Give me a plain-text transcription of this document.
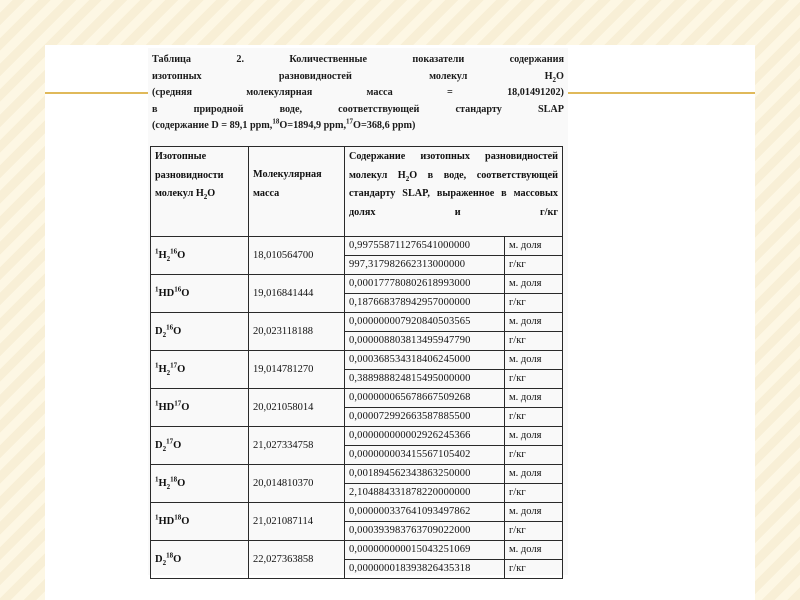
Таблица	2.	Количественные	показатели	содержания
изотопных	разновидностей	молекул	$H_2O$
(средняя	молекулярная	масса	=	18,01491202)
в	природной	воде,	соответствующей	стандарту	SLAP
(содержание D = 89,1 ppm,$^{18}$O=1894,9 ppm,$^{17}$O=368,6 ppm)
Изотопные разновидности молекул $H_2O$	Молекулярная масса	Содержание изотопных разновидностей молекул $H_2O$ в воде, соответствующей стандарту SLAP, выраженное в массовых долях и г/кг	

$^1H_2^{16}O$	18,010564700	0,997558711276541000000	м. доля
		997,317982662313000000	г/кг
$^1$HD$^{16}$O	19,016841444	0,000177780802618993000	м. доля
		0,187668378942957000000	г/кг
$D_2^{16}O$	20,023118188	0,000000007920840503565	м. доля
		0,000008803813495947790	г/кг
$^1H_2^{17}O$	19,014781270	0,000368534318406245000	м. доля
		0,388988824815495000000	г/кг
$^1$HD$^{17}$O	20,021058014	0,000000065678667509268	м. доля
		0,000072992663587885500	г/кг
$D_2^{17}O$	21,027334758	0,000000000002926245366	м. доля
		0,000000003415567105402	г/кг
$^1H_2^{18}O$	20,014810370	0,001894562343863250000	м. доля
		2,104884331878220000000	г/кг
$^1$HD$^{18}$O	21,021087114	0,000000337641093497862	м. доля
		0,000393983763709022000	г/кг
$D_2^{18}O$	22,027363858	0,000000000015043251069	м. доля
		0,000000018393826435318	г/кг
